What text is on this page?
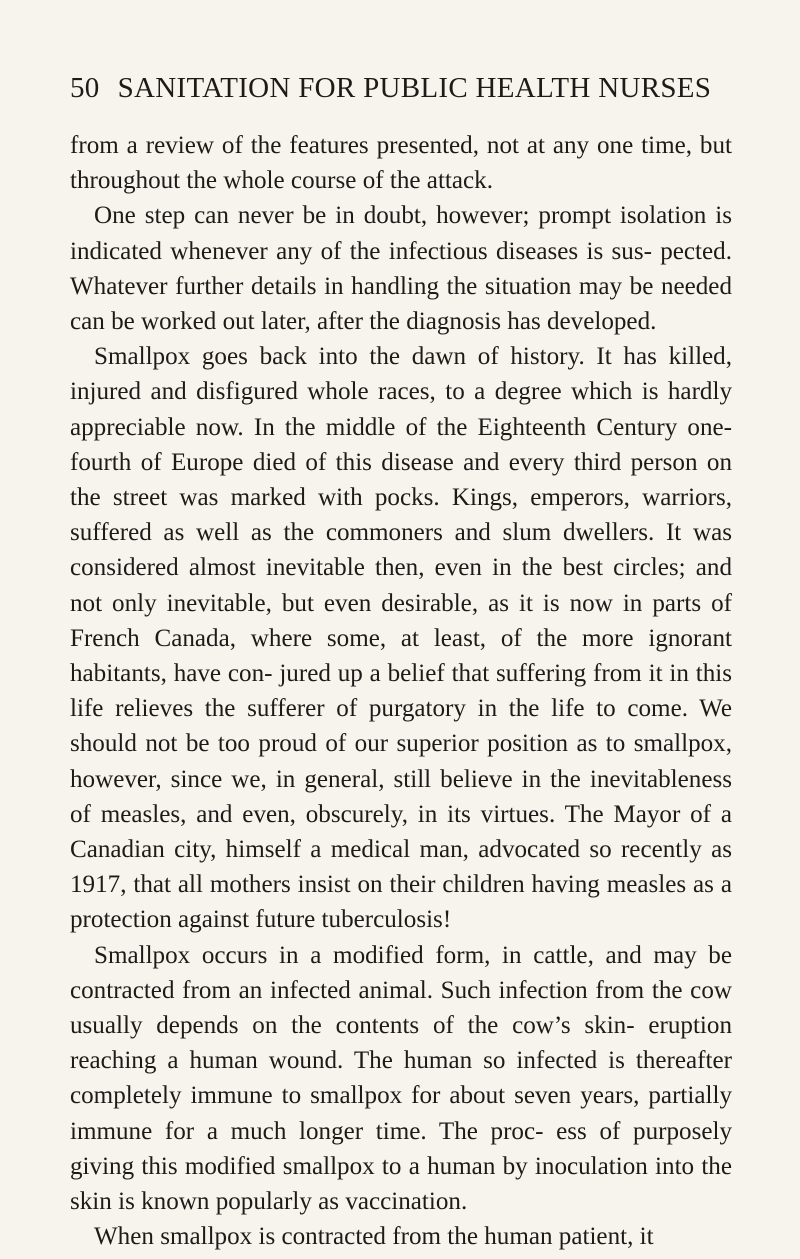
50 SANITATION FOR PUBLIC HEALTH NURSES

from a review of the features presented, not at any one time, but throughout the whole course of the attack.

One step can never be in doubt, however; prompt isolation is indicated whenever any of the infectious diseases is sus- pected. Whatever further details in handling the situation may be needed can be worked out later, after the diagnosis has developed.

Smallpox goes back into the dawn of history. It has killed, injured and disfigured whole races, to a degree which is hardly appreciable now. In the middle of the Eighteenth Century one-fourth of Europe died of this disease and every third person on the street was marked with pocks. Kings, emperors, warriors, suffered as well as the commoners and slum dwellers. It was considered almost inevitable then, even in the best circles; and not only inevitable, but even desirable, as it is now in parts of French Canada, where some, at least, of the more ignorant habitants, have con- jured up a belief that suffering from it in this life relieves the sufferer of purgatory in the life to come. We should not be too proud of our superior position as to smallpox, however, since we, in general, still believe in the inevitableness of measles, and even, obscurely, in its virtues. The Mayor of a Canadian city, himself a medical man, advocated so recently as 1917, that all mothers insist on their children having measles as a protection against future tuberculosis!

Smallpox occurs in a modified form, in cattle, and may be contracted from an infected animal. Such infection from the cow usually depends on the contents of the cow’s skin- eruption reaching a human wound. The human so infected is thereafter completely immune to smallpox for about seven years, partially immune for a much longer time. The proc- ess of purposely giving this modified smallpox to a human by inoculation into the skin is known popularly as vaccination.

When smallpox is contracted from the human patient, it
